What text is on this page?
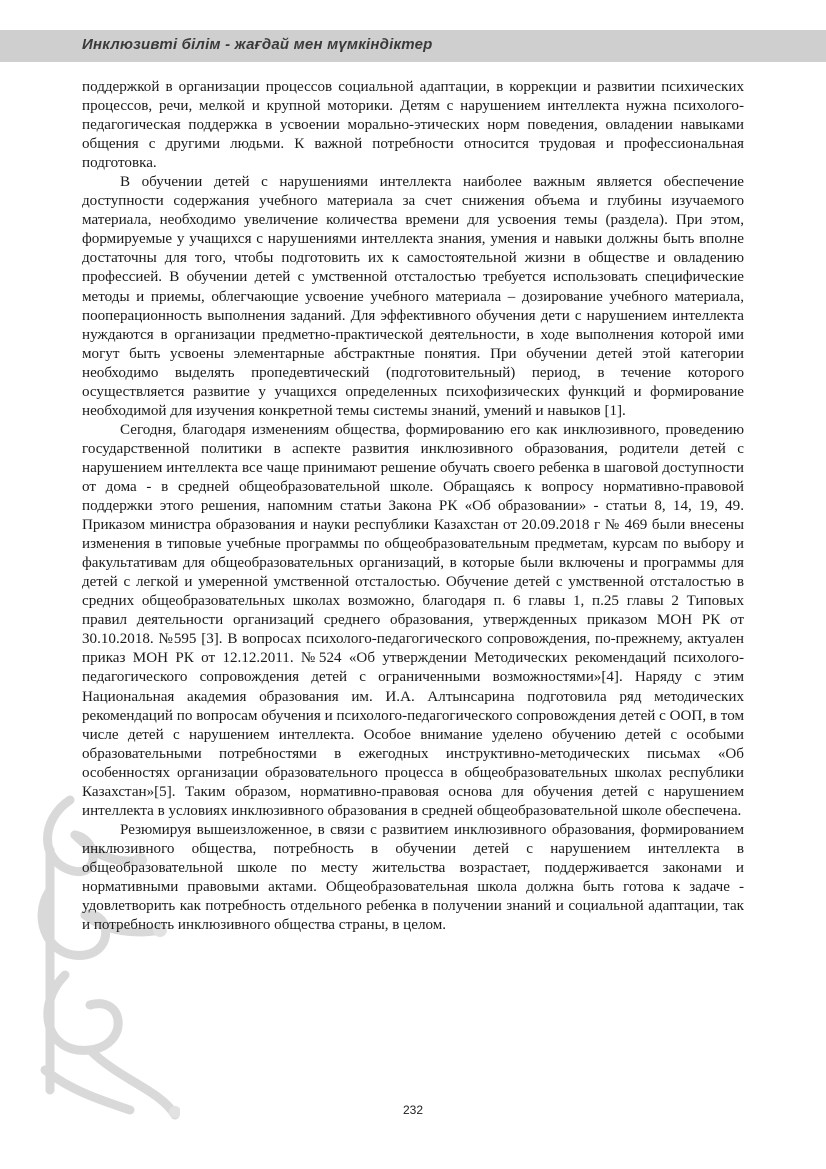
Инклюзивті білім - жағдай мен мүмкіндіктер

поддержкой в организации процессов социальной адаптации, в коррекции и развитии психических процессов, речи, мелкой и крупной моторики. Детям с нарушением интеллекта нужна психолого-педагогическая поддержка в усвоении морально-этических норм поведения, овладении навыками общения с другими людьми. К важной потребности относится трудовая и профессиональная подготовка.

В обучении детей с нарушениями интеллекта наиболее важным является обеспечение доступности содержания учебного материала за счет снижения объема и глубины изучаемого материала, необходимо увеличение количества времени для усвоения темы (раздела). При этом, формируемые у учащихся с нарушениями интеллекта знания, умения и навыки должны быть вполне достаточны для того, чтобы подготовить их к самостоятельной жизни в обществе и овладению профессией. В обучении детей с умственной отсталостью требуется использовать специфические методы и приемы, облегчающие усвоение учебного материала – дозирование учебного материала, пооперационность выполнения заданий. Для эффективного обучения дети с нарушением интеллекта нуждаются в организации предметно-практической деятельности, в ходе выполнения которой ими могут быть усвоены элементарные абстрактные понятия. При обучении детей этой категории необходимо выделять пропедевтический (подготовительный) период, в течение которого осуществляется развитие у учащихся определенных психофизических функций и формирование необходимой для изучения конкретной темы системы знаний, умений и навыков [1].

Сегодня, благодаря изменениям общества, формированию его как инклюзивного, проведению государственной политики в аспекте развития инклюзивного образования, родители детей с нарушением интеллекта все чаще принимают решение обучать своего ребенка в шаговой доступности от дома - в средней общеобразовательной школе. Обращаясь к вопросу нормативно-правовой поддержки этого решения, напомним статьи Закона РК «Об образовании» - статьи 8, 14, 19, 49. Приказом министра образования и науки республики Казахстан от 20.09.2018 г № 469 были внесены изменения в типовые учебные программы по общеобразовательным предметам, курсам по выбору и факультативам для общеобразовательных организаций, в которые были включены и программы для детей с легкой и умеренной умственной отсталостью. Обучение детей с умственной отсталостью в средних общеобразовательных школах возможно, благодаря п. 6 главы 1, п.25 главы 2 Типовых правил деятельности организаций среднего образования, утвержденных приказом МОН РК от 30.10.2018. №595 [3]. В вопросах психолого-педагогического сопровождения, по-прежнему, актуален приказ МОН РК от 12.12.2011. №524 «Об утверждении Методических рекомендаций психолого-педагогического сопровождения детей с ограниченными возможностями»[4]. Наряду с этим Национальная академия образования им. И.А. Алтынсарина подготовила ряд методических рекомендаций по вопросам обучения и психолого-педагогического сопровождения детей с ООП, в том числе детей с нарушением интеллекта. Особое внимание уделено обучению детей с особыми образовательными потребностями в ежегодных инструктивно-методических письмах «Об особенностях организации образовательного процесса в общеобразовательных школах республики Казахстан»[5]. Таким образом, нормативно-правовая основа для обучения детей с нарушением интеллекта в условиях инклюзивного образования в средней общеобразовательной школе обеспечена.

Резюмируя вышеизложенное, в связи с развитием инклюзивного образования, формированием инклюзивного общества, потребность в обучении детей с нарушением интеллекта в общеобразовательной школе по месту жительства возрастает, поддерживается законами и нормативными правовыми актами. Общеобразовательная школа должна быть готова к задаче - удовлетворить как потребность отдельного ребенка в получении знаний и социальной адаптации, так и потребность инклюзивного общества страны, в целом.

232
